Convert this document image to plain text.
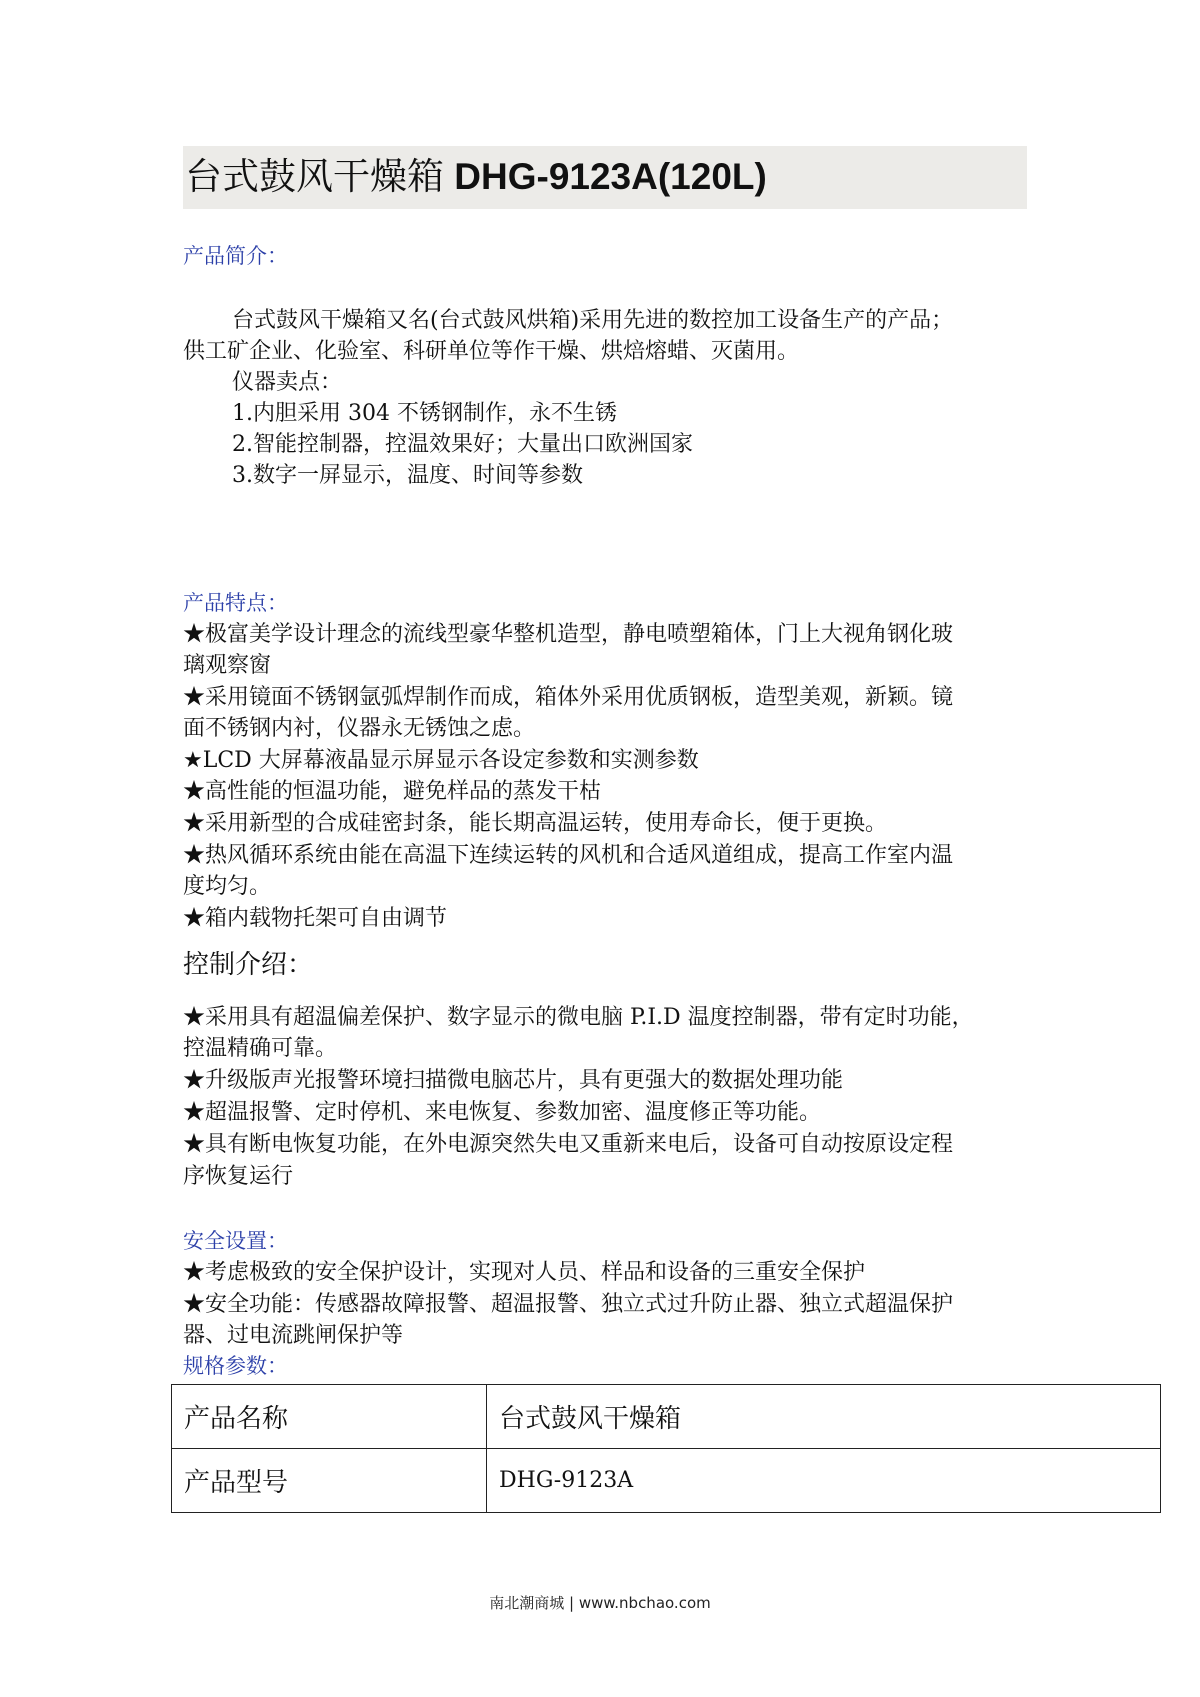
台式鼓风干燥箱 DHG-9123A(120L)
产品简介：
台式鼓风干燥箱又名(台式鼓风烘箱)采用先进的数控加工设备生产的产品；
供工矿企业、化验室、科研单位等作干燥、烘焙熔蜡、灭菌用。
仪器卖点：
1.内胆采用 304 不锈钢制作，永不生锈
2.智能控制器，控温效果好；大量出口欧洲国家
3.数字一屏显示，温度、时间等参数
产品特点：
★极富美学设计理念的流线型豪华整机造型，静电喷塑箱体，门上大视角钢化玻
璃观察窗
★采用镜面不锈钢氩弧焊制作而成，箱体外采用优质钢板，造型美观，新颖。镜
面不锈钢内衬，仪器永无锈蚀之虑。
★LCD 大屏幕液晶显示屏显示各设定参数和实测参数
★高性能的恒温功能，避免样品的蒸发干枯
★采用新型的合成硅密封条，能长期高温运转，使用寿命长，便于更换。
★热风循环系统由能在高温下连续运转的风机和合适风道组成，提高工作室内温
度均匀。
★箱内载物托架可自由调节
控制介绍：
★采用具有超温偏差保护、数字显示的微电脑 P.I.D 温度控制器，带有定时功能，
控温精确可靠。
★升级版声光报警环境扫描微电脑芯片，具有更强大的数据处理功能
★超温报警、定时停机、来电恢复、参数加密、温度修正等功能。
★具有断电恢复功能，在外电源突然失电又重新来电后，设备可自动按原设定程
序恢复运行
安全设置：
★考虑极致的安全保护设计，实现对人员、样品和设备的三重安全保护
★安全功能：传感器故障报警、超温报警、独立式过升防止器、独立式超温保护
器、过电流跳闸保护等
规格参数：
产品名称	台式鼓风干燥箱
产品型号	DHG-9123A
南北潮商城 | www.nbchao.com
